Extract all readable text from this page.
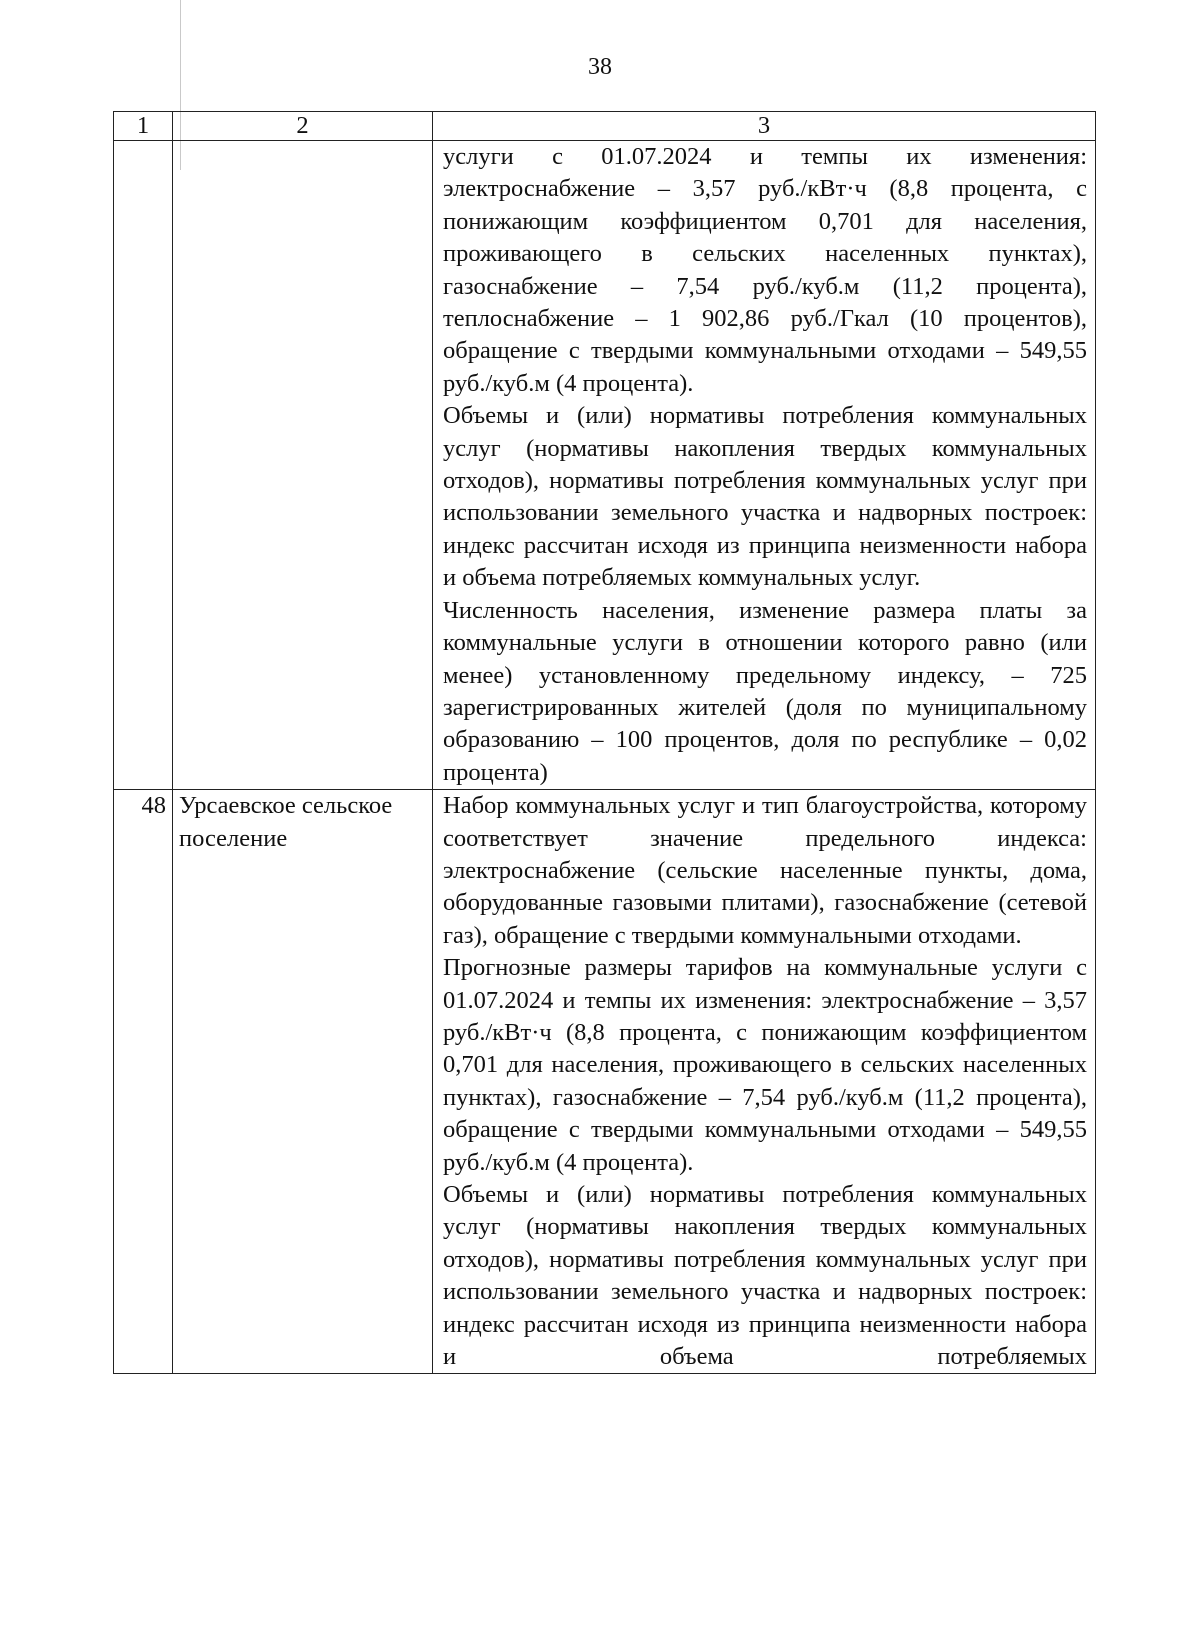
38
1	2	3

		услуги с 01.07.2024 и темпы их изменения: электроснабжение – 3,57 руб./кВт·ч (8,8 процента, с понижающим коэффициентом 0,701 для населения, проживающего в сельских населенных пунктах), газоснабжение – 7,54 руб./куб.м (11,2 процента), теплоснабжение – 1 902,86 руб./Гкал (10 процентов), обращение с твердыми коммунальными отходами – 549,55 руб./куб.м (4 процента).

Объемы и (или) нормативы потребления коммунальных услуг (нормативы накопления твердых коммунальных отходов), нормативы потребления коммунальных услуг при использовании земельного участка и надворных построек: индекс рассчитан исходя из принципа неизменности набора и объема потребляемых коммунальных услуг.

Численность населения, изменение размера платы за коммунальные услуги в отношении которого равно (или менее) установленному предельному индексу, – 725 зарегистрированных жителей (доля по муниципальному образованию – 100 процентов, доля по республике – 0,02 процента)

48	Урсаевское сельское поселение	Набор коммунальных услуг и тип благоустройства, которому соответствует значение предельного индекса: электроснабжение (сельские населенные пункты, дома, оборудованные газовыми плитами), газоснабжение (сетевой газ), обращение с твердыми коммунальными отходами.

Прогнозные размеры тарифов на коммунальные услуги с 01.07.2024 и темпы их изменения: электроснабжение – 3,57 руб./кВт·ч (8,8 процента, с понижающим коэффициентом 0,701 для населения, проживающего в сельских населенных пунктах), газоснабжение – 7,54 руб./куб.м (11,2 процента), обращение с твердыми коммунальными отходами – 549,55 руб./куб.м (4 процента).

Объемы и (или) нормативы потребления коммунальных услуг (нормативы накопления твердых коммунальных отходов), нормативы потребления коммунальных услуг при использовании земельного участка и надворных построек: индекс рассчитан исходя из принципа неизменности набора и объема потребляемых
